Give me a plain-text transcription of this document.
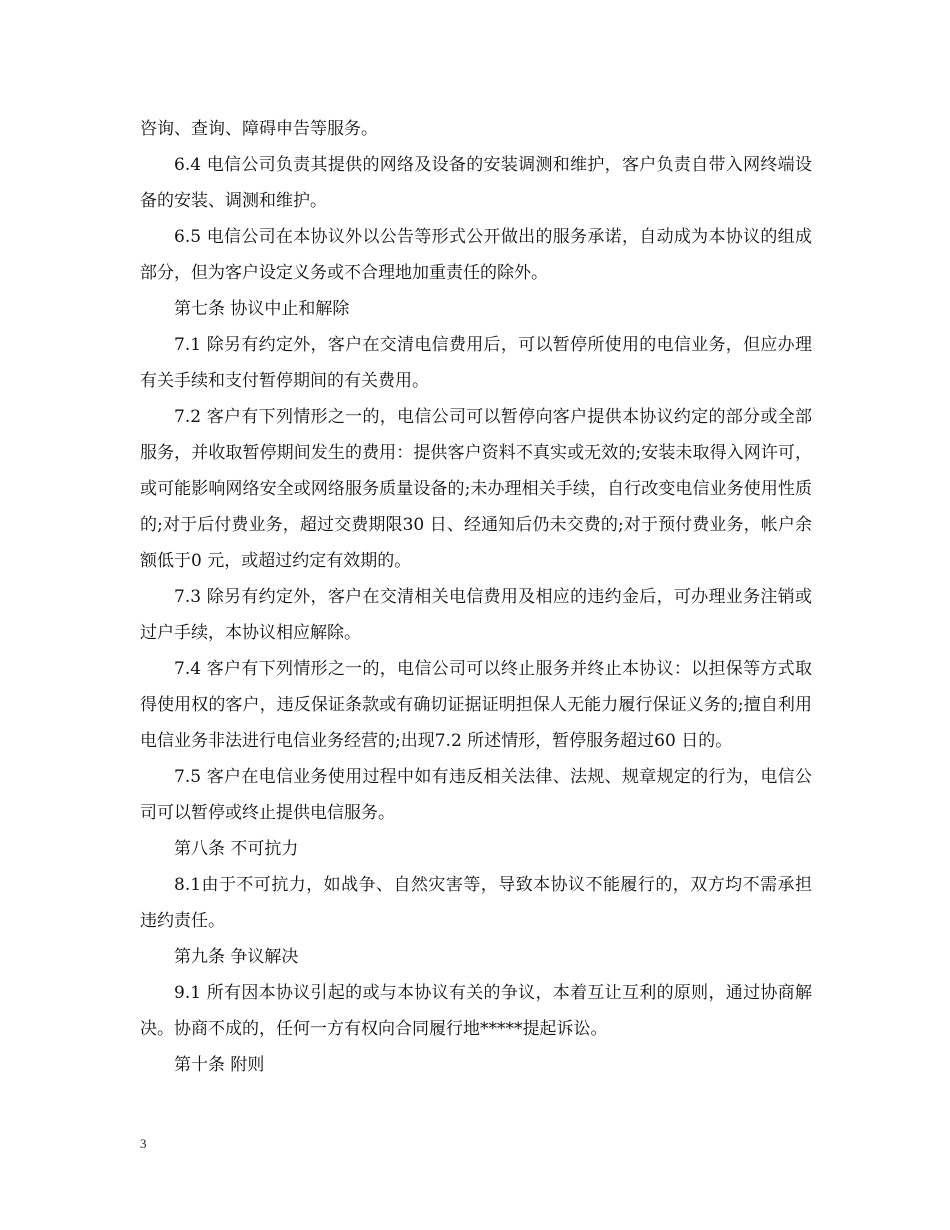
咨询、查询、障碍申告等服务。

6.4 电信公司负责其提供的网络及设备的安装调测和维护，客户负责自带入网终端设备的安装、调测和维护。

6.5 电信公司在本协议外以公告等形式公开做出的服务承诺，自动成为本协议的组成部分，但为客户设定义务或不合理地加重责任的除外。

第七条 协议中止和解除

7.1 除另有约定外，客户在交清电信费用后，可以暂停所使用的电信业务，但应办理有关手续和支付暂停期间的有关费用。

7.2 客户有下列情形之一的，电信公司可以暂停向客户提供本协议约定的部分或全部服务，并收取暂停期间发生的费用：提供客户资料不真实或无效的;安装未取得入网许可，或可能影响网络安全或网络服务质量设备的;未办理相关手续，自行改变电信业务使用性质的;对于后付费业务，超过交费期限30 日、经通知后仍未交费的;对于预付费业务，帐户余额低于0 元，或超过约定有效期的。

7.3 除另有约定外，客户在交清相关电信费用及相应的违约金后，可办理业务注销或过户手续，本协议相应解除。

7.4 客户有下列情形之一的，电信公司可以终止服务并终止本协议：以担保等方式取得使用权的客户，违反保证条款或有确切证据证明担保人无能力履行保证义务的;擅自利用电信业务非法进行电信业务经营的;出现7.2 所述情形，暂停服务超过60 日的。

7.5 客户在电信业务使用过程中如有违反相关法律、法规、规章规定的行为，电信公司可以暂停或终止提供电信服务。

第八条 不可抗力

8.1由于不可抗力，如战争、自然灾害等，导致本协议不能履行的，双方均不需承担违约责任。

第九条 争议解决

9.1 所有因本协议引起的或与本协议有关的争议，本着互让互利的原则，通过协商解决。协商不成的，任何一方有权向合同履行地*****提起诉讼。

第十条 附则

3
